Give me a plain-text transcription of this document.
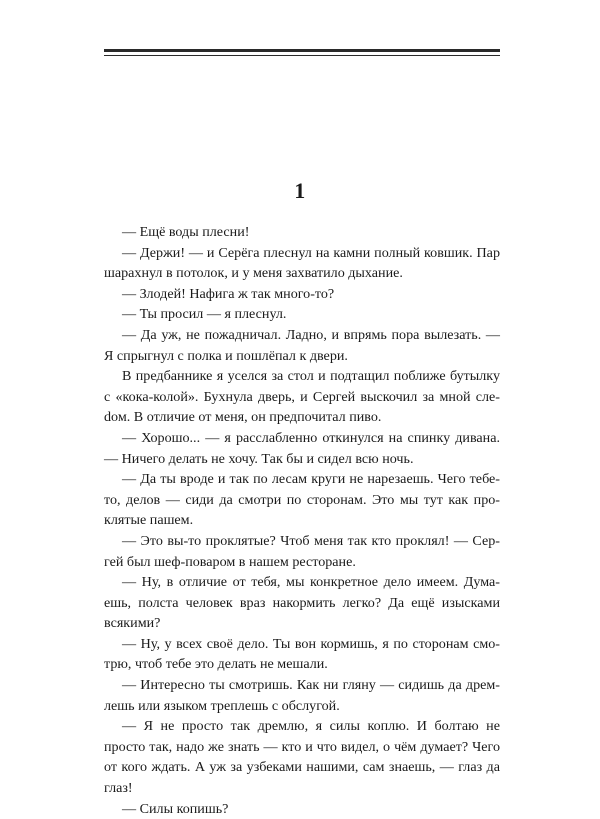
1

— Ещё воды плесни!

— Держи! — и Серёга плеснул на камни полный ковшик. Пар шарахнул в потолок, и у меня захватило дыхание.

— Злодей! Нафига ж так много-то?

— Ты просил — я плеснул.

— Да уж, не пожадничал. Ладно, и впрямь пора вылезать. — Я спрыгнул с полка и пошлёпал к двери.

В предбаннике я уселся за стол и подтащил поближе бутылку с «кока-колой». Бухнула дверь, и Сергей выскочил за мной слеdом. В отличие от меня, он предпочитал пиво.

— Хорошо... — я расслабленно откинулся на спинку дивана. — Ничего делать не хочу. Так бы и сидел всю ночь.

— Да ты вроде и так по лесам круги не нарезаешь. Чего тебе-то, делов — сиди да смотри по сторонам. Это мы тут как проклятые пашем.

— Это вы-то проклятые? Чтоб меня так кто проклял! — Сергей был шеф-поваром в нашем ресторане.

— Ну, в отличие от тебя, мы конкретное дело имеем. Думаешь, полста человек враз накормить легко? Да ещё изысками всякими?

— Ну, у всех своё дело. Ты вон кормишь, я по сторонам смотрю, чтоб тебе это делать не мешали.

— Интересно ты смотришь. Как ни гляну — сидишь да дремлешь или языком треплешь с обслугой.

— Я не просто так дремлю, я силы коплю. И болтаю не просто так, надо же знать — кто и что видел, о чём думает? Чего от кого ждать. А уж за узбеками нашими, сам знаешь, — глаз да глаз!

— Силы копишь?
